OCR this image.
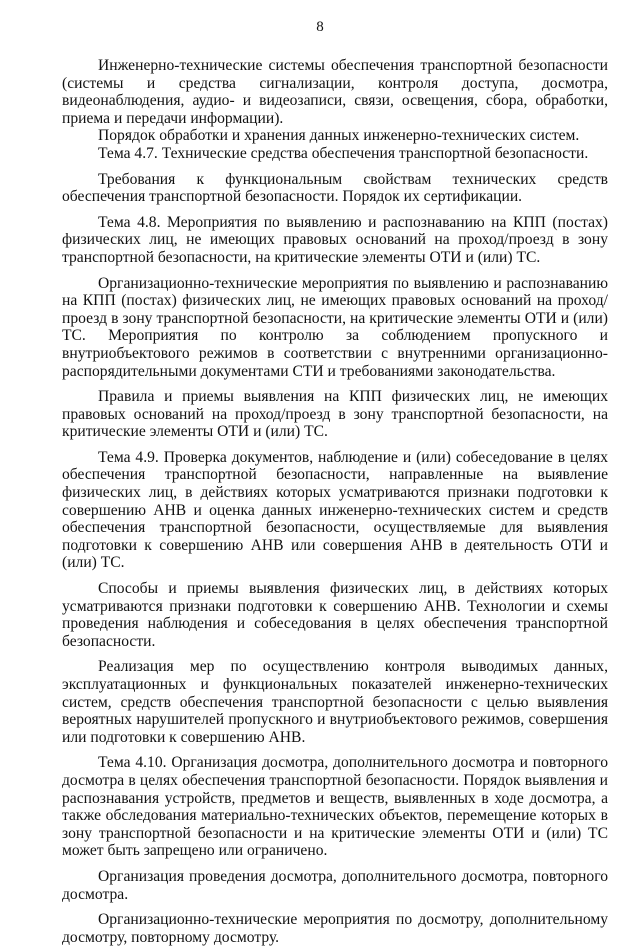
8

Инженерно-технические системы обеспечения транспортной безопасности (системы и средства сигнализации, контроля доступа, досмотра, видеонаблюдения, аудио- и видеозаписи, связи, освещения, сбора, обработки, приема и передачи информации).

Порядок обработки и хранения данных инженерно-технических систем.

Тема 4.7. Технические средства обеспечения транспортной безопасности.

Требования к функциональным свойствам технических средств обеспечения транспортной безопасности. Порядок их сертификации.

Тема 4.8. Мероприятия по выявлению и распознаванию на КПП (постах) физических лиц, не имеющих правовых оснований на проход/проезд в зону транспортной безопасности, на критические элементы ОТИ и (или) ТС.

Организационно-технические мероприятия по выявлению и распознаванию на КПП (постах) физических лиц, не имеющих правовых оснований на проход/проезд в зону транспортной безопасности, на критические элементы ОТИ и (или) ТС. Мероприятия по контролю за соблюдением пропускного и внутриобъектового режимов в соответствии с внутренними организационно-распорядительными документами СТИ и требованиями законодательства.

Правила и приемы выявления на КПП физических лиц, не имеющих правовых оснований на проход/проезд в зону транспортной безопасности, на критические элементы ОТИ и (или) ТС.

Тема 4.9. Проверка документов, наблюдение и (или) собеседование в целях обеспечения транспортной безопасности, направленные на выявление физических лиц, в действиях которых усматриваются признаки подготовки к совершению АНВ и оценка данных инженерно-технических систем и средств обеспечения транспортной безопасности, осуществляемые для выявления подготовки к совершению АНВ или совершения АНВ в деятельность ОТИ и (или) ТС.

Способы и приемы выявления физических лиц, в действиях которых усматриваются признаки подготовки к совершению АНВ. Технологии и схемы проведения наблюдения и собеседования в целях обеспечения транспортной безопасности.

Реализация мер по осуществлению контроля выводимых данных, эксплуатационных и функциональных показателей инженерно-технических систем, средств обеспечения транспортной безопасности с целью выявления вероятных нарушителей пропускного и внутриобъектового режимов, совершения или подготовки к совершению АНВ.

Тема 4.10. Организация досмотра, дополнительного досмотра и повторного досмотра в целях обеспечения транспортной безопасности. Порядок выявления и распознавания устройств, предметов и веществ, выявленных в ходе досмотра, а также обследования материально-технических объектов, перемещение которых в зону транспортной безопасности и на критические элементы ОТИ и (или) ТС может быть запрещено или ограничено.

Организация проведения досмотра, дополнительного досмотра, повторного досмотра.

Организационно-технические мероприятия по досмотру, дополнительному досмотру, повторному досмотру.
